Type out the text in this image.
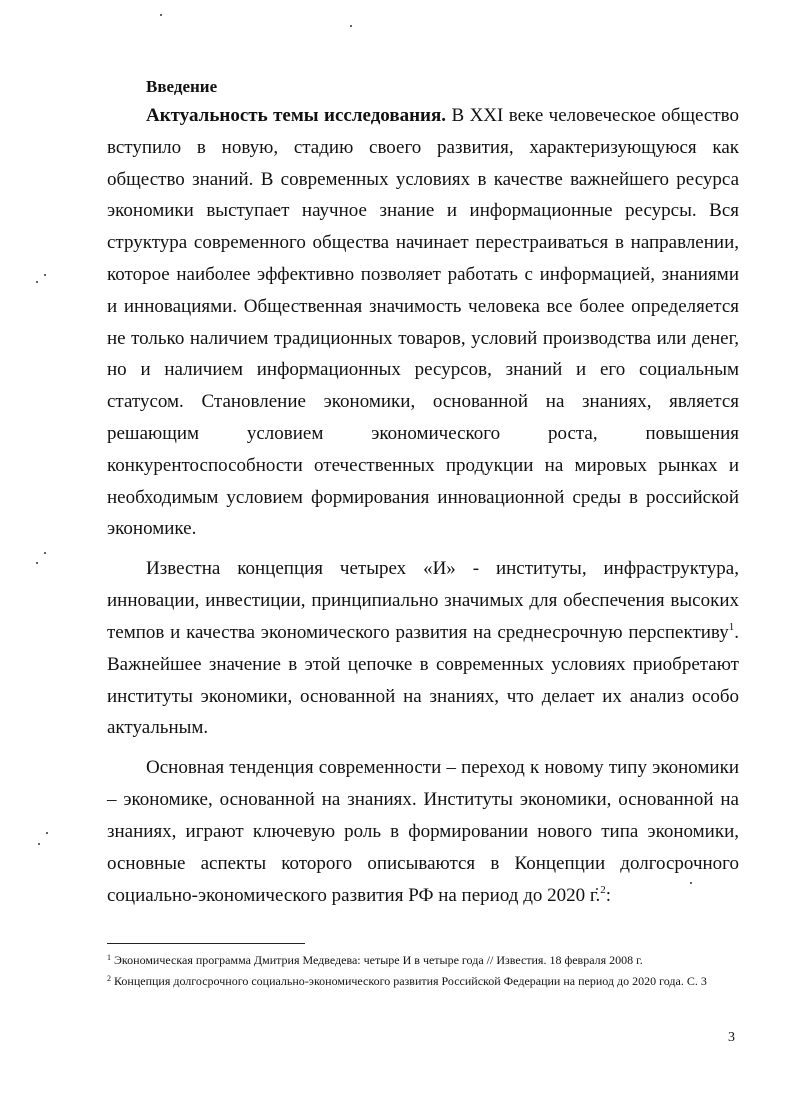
Введение

Актуальность темы исследования. В XXI веке человеческое общество вступило в новую, стадию своего развития, характеризующуюся как общество знаний. В современных условиях в качестве важнейшего ресурса экономики выступает научное знание и информационные ресурсы. Вся структура современного общества начинает перестраиваться в направлении, которое наиболее эффективно позволяет работать с информацией, знаниями и инновациями. Общественная значимость человека все более определяется не только наличием традиционных товаров, условий производства или денег, но и наличием информационных ресурсов, знаний и его социальным статусом. Становление экономики, основанной на знаниях, является решающим условием экономического роста, повышения конкурентоспособности отечественных продукции на мировых рынках и необходимым условием формирования инновационной среды в российской экономике.

Известна концепция четырех «И» - институты, инфраструктура, инновации, инвестиции, принципиально значимых для обеспечения высоких темпов и качества экономического развития на среднесрочную перспективу$^1$. Важнейшее значение в этой цепочке в современных условиях приобретают институты экономики, основанной на знаниях, что делает их анализ особо актуальным.

Основная тенденция современности – переход к новому типу экономики – экономике, основанной на знаниях. Институты экономики, основанной на знаниях, играют ключевую роль в формировании нового типа экономики, основные аспекты которого описываются в Концепции долгосрочного социально-экономического развития РФ на период до 2020 г.$^2$:

$^1$ Экономическая программа Дмитрия Медведева: четыре И в четыре года // Известия. 18 февраля 2008 г.

$^2$ Концепция долгосрочного социально-экономического развития Российской Федерации на период до 2020 года. С. 3

3
